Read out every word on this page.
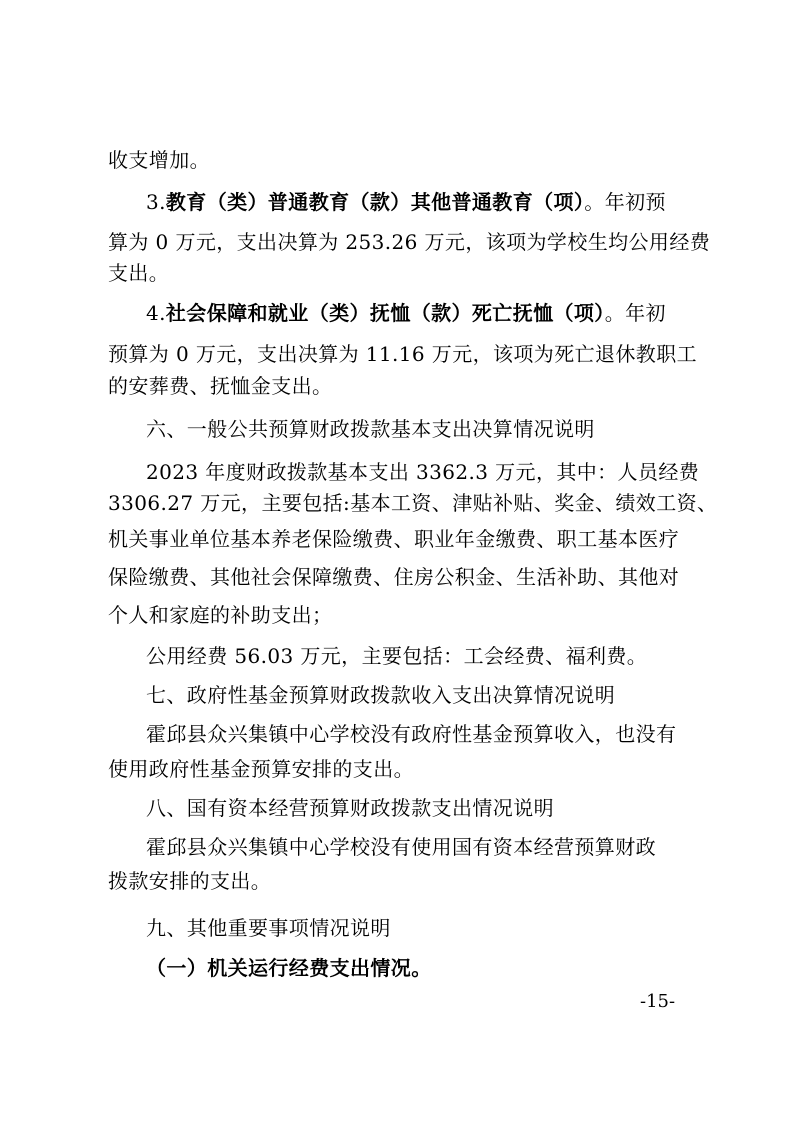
收支增加。
3.教育（类）普通教育（款）其他普通教育（项）。年初预
算为 0 万元，支出决算为 253.26 万元，该项为学校生均公用经费
支出。
4.社会保障和就业（类）抚恤（款）死亡抚恤（项）。年初
预算为 0 万元，支出决算为 11.16 万元，该项为死亡退休教职工
的安葬费、抚恤金支出。
六、一般公共预算财政拨款基本支出决算情况说明
2023 年度财政拨款基本支出 3362.3 万元，其中：人员经费
3306.27 万元，主要包括:基本工资、津贴补贴、奖金、绩效工资、
机关事业单位基本养老保险缴费、职业年金缴费、职工基本医疗
保险缴费、其他社会保障缴费、住房公积金、生活补助、其他对
个人和家庭的补助支出；
公用经费 56.03 万元，主要包括：工会经费、福利费。
七、政府性基金预算财政拨款收入支出决算情况说明
霍邱县众兴集镇中心学校没有政府性基金预算收入，也没有
使用政府性基金预算安排的支出。
八、国有资本经营预算财政拨款支出情况说明
霍邱县众兴集镇中心学校没有使用国有资本经营预算财政
拨款安排的支出。
九、其他重要事项情况说明
（一）机关运行经费支出情况。
-15-
